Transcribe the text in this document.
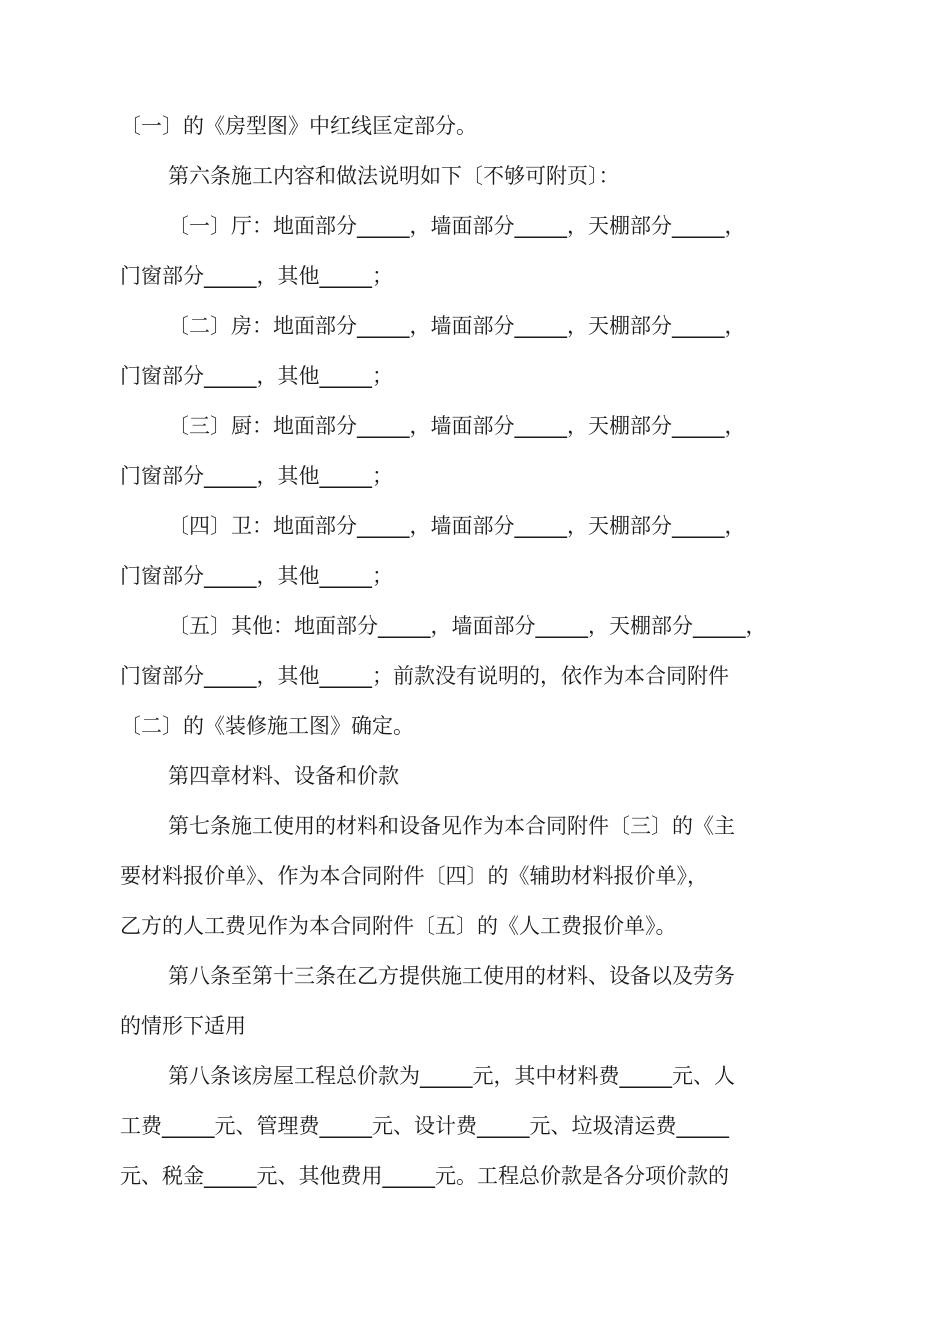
〔一〕的《房型图》中红线匡定部分。
第六条施工内容和做法说明如下〔不够可附页〕：
〔一〕厅：地面部分_____，墙面部分_____，天棚部分_____，
门窗部分_____，其他_____；
〔二〕房：地面部分_____，墙面部分_____，天棚部分_____，
门窗部分_____，其他_____；
〔三〕厨：地面部分_____，墙面部分_____，天棚部分_____，
门窗部分_____，其他_____；
〔四〕卫：地面部分_____，墙面部分_____，天棚部分_____，
门窗部分_____，其他_____；
〔五〕其他：地面部分_____，墙面部分_____，天棚部分_____，
门窗部分_____，其他_____；前款没有说明的，依作为本合同附件
〔二〕的《装修施工图》确定。
第四章材料、设备和价款
第七条施工使用的材料和设备见作为本合同附件〔三〕的《主
要材料报价单》、作为本合同附件〔四〕的《辅助材料报价单》，
乙方的人工费见作为本合同附件〔五〕的《人工费报价单》。
第八条至第十三条在乙方提供施工使用的材料、设备以及劳务
的情形下适用
第八条该房屋工程总价款为_____元，其中材料费_____元、人
工费_____元、管理费_____元、设计费_____元、垃圾清运费_____
元、税金_____元、其他费用_____元。工程总价款是各分项价款的
